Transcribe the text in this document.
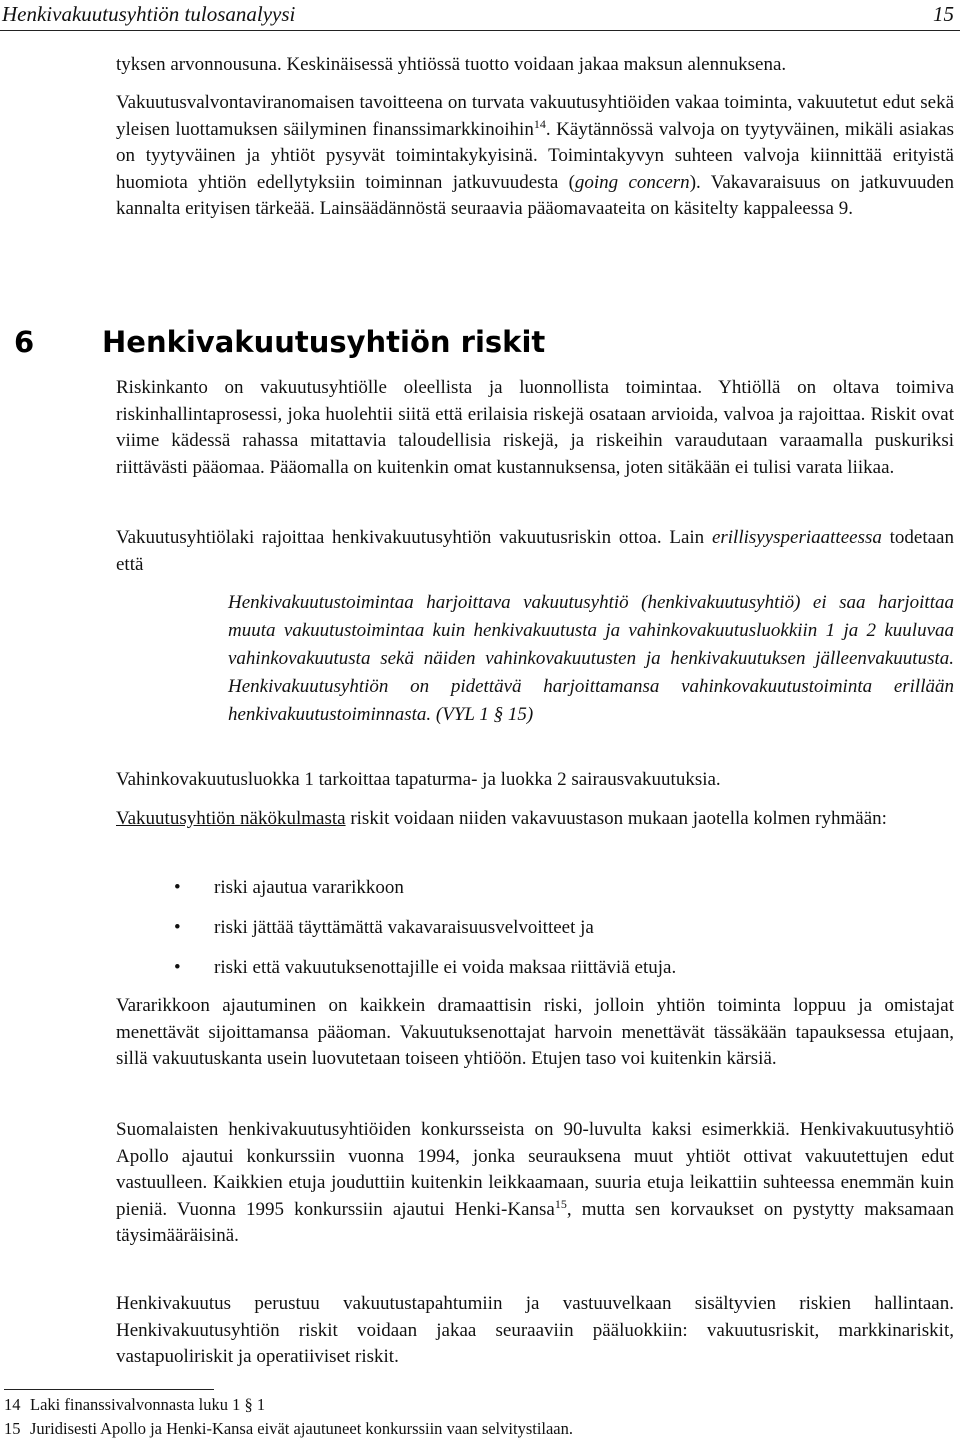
Henkivakuutusyhtiön tulosanalyysi	15

tyksen arvonnousuna. Keskinäisessä yhtiössä tuotto voidaan jakaa maksun alennuksena.

Vakuutusvalvontaviranomaisen tavoitteena on turvata vakuutusyhtiöiden vakaa toiminta, vakuutetut edut sekä yleisen luottamuksen säilyminen finanssimarkkinoihin$^{14}$. Käytännössä valvoja on tyytyväinen, mikäli asiakas on tyytyväinen ja yhtiöt pysyvät toimintakykyisinä. Toimintakyvyn suhteen valvoja kiinnittää erityistä huomiota yhtiön edellytyksiin toiminnan jatkuvuudesta (going concern). Vakavaraisuus on jatkuvuuden kannalta erityisen tärkeää. Lainsäädännöstä seuraavia pääomavaateita on käsitelty kappaleessa 9.

6 Henkivakuutusyhtiön riskit

Riskinkanto on vakuutusyhtiölle oleellista ja luonnollista toimintaa. Yhtiöllä on oltava toimiva riskinhallintaprosessi, joka huolehtii siitä että erilaisia riskejä osataan arvioida, valvoa ja rajoittaa. Riskit ovat viime kädessä rahassa mitattavia taloudellisia riskejä, ja riskeihin varaudutaan varaamalla puskuriksi riittävästi pääomaa. Pääomalla on kuitenkin omat kustannuksensa, joten sitäkään ei tulisi varata liikaa.

Vakuutusyhtiölaki rajoittaa henkivakuutusyhtiön vakuutusriskin ottoa. Lain erillisyysperiaatteessa todetaan että

Henkivakuutustoimintaa harjoittava vakuutusyhtiö (henkivakuutusyhtiö) ei saa harjoittaa muuta vakuutustoimintaa kuin henkivakuutusta ja vahinkovakuutusluokkiin 1 ja 2 kuuluvaa vahinkovakuutusta sekä näiden vahinkovakuutusten ja henkivakuutuksen jälleenvakuutusta. Henkivakuutusyhtiön on pidettävä harjoittamansa vahinkovakuutustoiminta erillään henkivakuutustoiminnasta. (VYL 1 § 15)

Vahinkovakuutusluokka 1 tarkoittaa tapaturma- ja luokka 2 sairausvakuutuksia.

Vakuutusyhtiön näkökulmasta riskit voidaan niiden vakavuustason mukaan jaotella kolmen ryhmään:

• riski ajautua vararikkoon
• riski jättää täyttämättä vakavaraisuusvelvoitteet ja
• riski että vakuutuksenottajille ei voida maksaa riittäviä etuja.

Vararikkoon ajautuminen on kaikkein dramaattisin riski, jolloin yhtiön toiminta loppuu ja omistajat menettävät sijoittamansa pääoman. Vakuutuksenottajat harvoin menettävät tässäkään tapauksessa etujaan, sillä vakuutuskanta usein luovutetaan toiseen yhtiöön. Etujen taso voi kuitenkin kärsiä.

Suomalaisten henkivakuutusyhtiöiden konkursseista on 90-luvulta kaksi esimerkkiä. Henkivakuutusyhtiö Apollo ajautui konkurssiin vuonna 1994, jonka seurauksena muut yhtiöt ottivat vakuutettujen edut vastuulleen. Kaikkien etuja jouduttiin kuitenkin leikkaamaan, suuria etuja leikattiin suhteessa enemmän kuin pieniä. Vuonna 1995 konkurssiin ajautui Henki-Kansa$^{15}$, mutta sen korvaukset on pystytty maksamaan täysimääräisinä.

Henkivakuutus perustuu vakuutustapahtumiin ja vastuuvelkaan sisältyvien riskien hallintaan. Henkivakuutusyhtiön riskit voidaan jakaa seuraaviin pääluokkiin: vakuutusriskit, markkinariskit, vastapuoliriskit ja operatiiviset riskit.

14 Laki finanssivalvonnasta luku 1 § 1
15 Juridisesti Apollo ja Henki-Kansa eivät ajautuneet konkurssiin vaan selvitystilaan.
